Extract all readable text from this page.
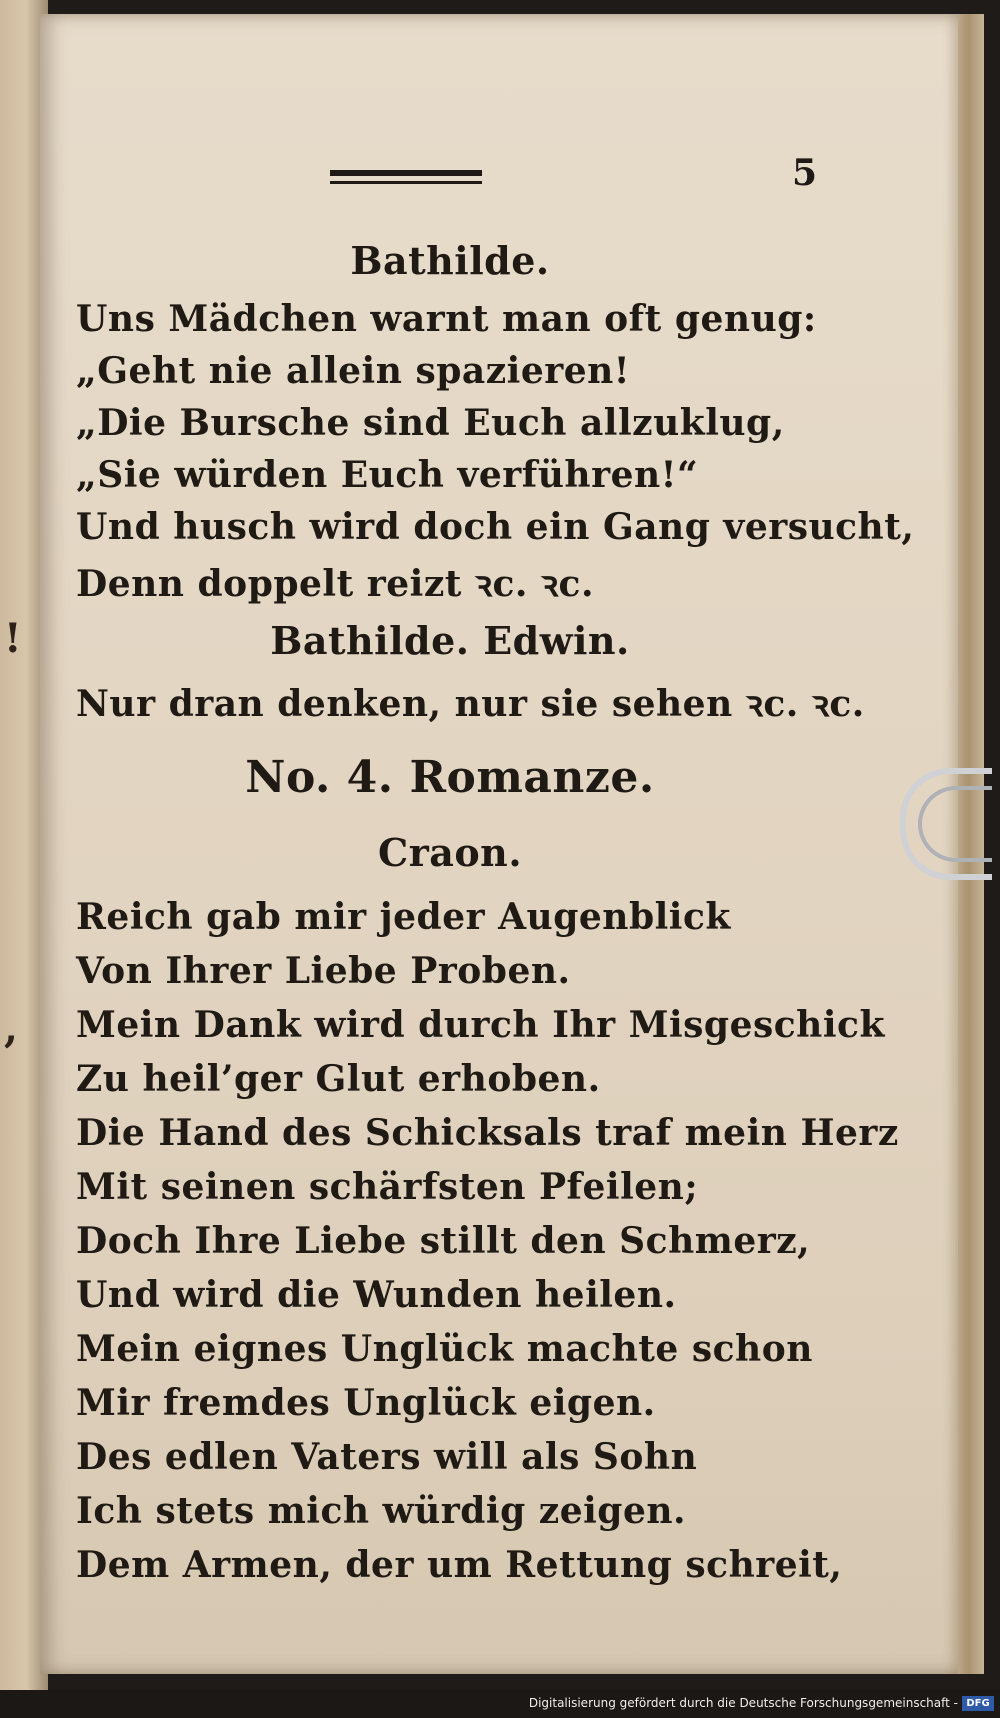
!
,
5
Bathilde.
Uns Mädchen warnt man oft genug:
„Geht nie allein spazieren!
„Die Bursche sind Euch allzuklug,
„Sie würden Euch verführen!“
Und husch wird doch ein Gang versucht,
Denn doppelt reizt ꝛc. ꝛc.
Bathilde. Edwin.
Nur dran denken, nur sie sehen ꝛc. ꝛc.
No. 4. Romanze.
Craon.
Reich gab mir jeder Augenblick
Von Ihrer Liebe Proben.
Mein Dank wird durch Ihr Misgeschick
Zu heil’ger Glut erhoben.
Die Hand des Schicksals traf mein Herz
Mit seinen schärfsten Pfeilen;
Doch Ihre Liebe stillt den Schmerz,
Und wird die Wunden heilen.
Mein eignes Unglück machte schon
Mir fremdes Unglück eigen.
Des edlen Vaters will als Sohn
Ich stets mich würdig zeigen.
Dem Armen, der um Rettung schreit,
Digitalisierung gefördert durch die Deutsche Forschungsgemeinschaft - DFG
